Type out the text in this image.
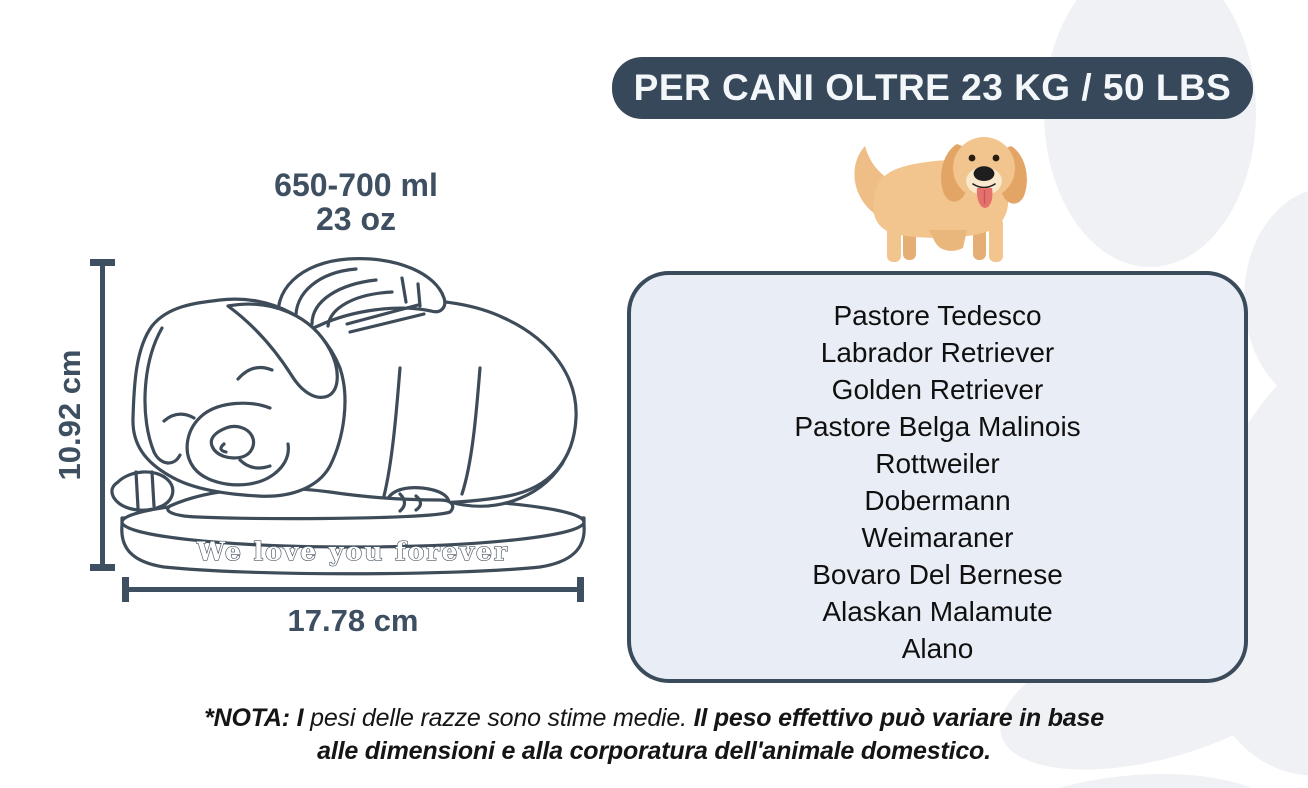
PER CANI OLTRE 23 KG / 50 LBS
Pastore Tedesco
Labrador Retriever
Golden Retriever
Pastore Belga Malinois
Rottweiler
Dobermann
Weimaraner
Bovaro Del Bernese
Alaskan Malamute
Alano
650-700 ml
23 oz
We love you forever
10.92 cm
17.78 cm
*NOTA: I pesi delle razze sono stime medie. Il peso effettivo può variare in base
alle dimensioni e alla corporatura dell'animale domestico.
